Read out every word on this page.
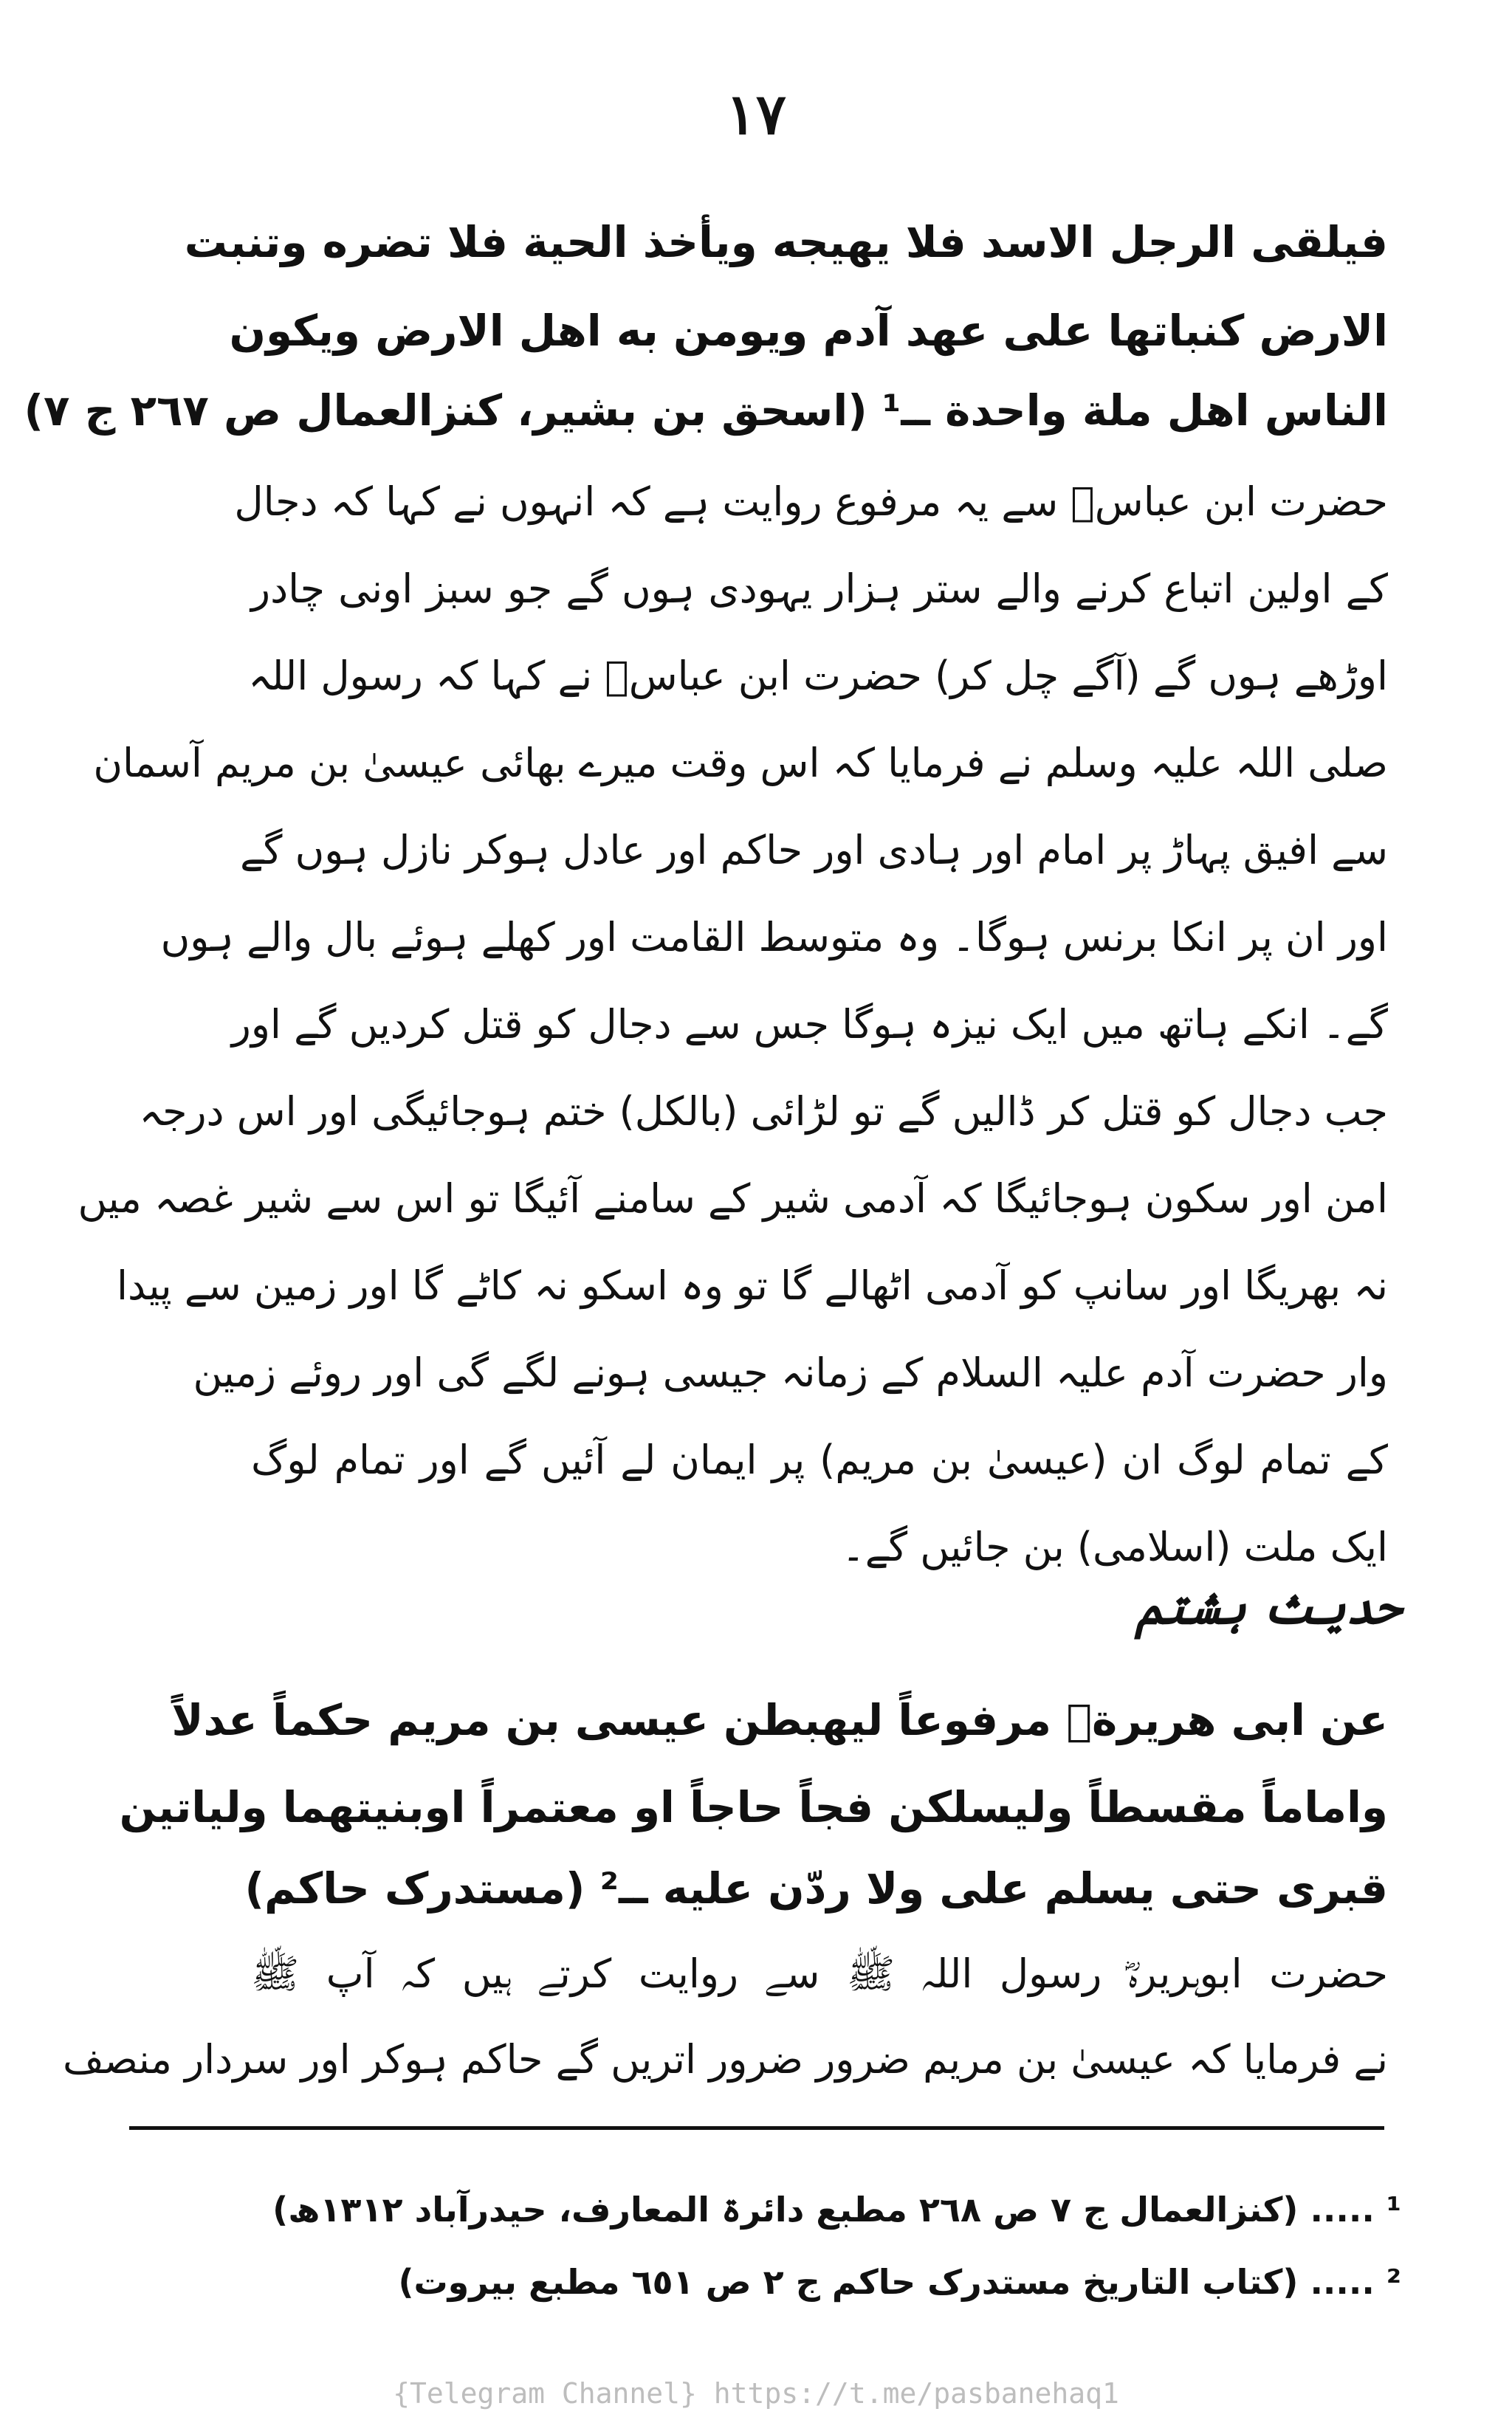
١٧
فيلقى الرجل الاسد فلا يهيجه ويأخذ الحية فلا تضره وتنبت
الارض كنباتها على عهد آدم ويومن به اهل الارض ويكون
الناس اهل ملة واحدة ــ¹ (اسحق بن بشیر، کنزالعمال ص ٢٦٧ ج ٧)
حضرت ابن عباسؓ سے یہ مرفوع روایت ہے کہ انہوں نے کہا کہ دجال
کے اولین اتباع کرنے والے ستر ہزار یہودی ہوں گے جو سبز اونی چادر
اوڑھے ہوں گے (آگے چل کر) حضرت ابن عباسؓ نے کہا کہ رسول اللہ
صلی اللہ علیہ وسلم نے فرمایا کہ اس وقت میرے بھائی عیسیٰ بن مریم آسمان
سے افیق پہاڑ پر امام اور ہادی اور حاکم اور عادل ہوکر نازل ہوں گے
اور ان پر انکا برنس ہوگا۔ وہ متوسط القامت اور کھلے ہوئے بال والے ہوں
گے۔ انکے ہاتھ میں ایک نیزہ ہوگا جس سے دجال کو قتل کردیں گے اور
جب دجال کو قتل کر ڈالیں گے تو لڑائی (بالکل) ختم ہوجائیگی اور اس درجہ
امن اور سکون ہوجائیگا کہ آدمی شیر کے سامنے آئیگا تو اس سے شیر غصہ میں
نہ بھریگا اور سانپ کو آدمی اٹھالے گا تو وہ اسکو نہ کاٹے گا اور زمین سے پیدا
وار حضرت آدم علیہ السلام کے زمانہ جیسی ہونے لگے گی اور روئے زمین
کے تمام لوگ ان (عیسیٰ بن مریم) پر ایمان لے آئیں گے اور تمام لوگ
ایک ملت (اسلامی) بن جائیں گے۔
حدیث ہشتم
عن ابی هريرةؓ مرفوعاً ليهبطن عيسى بن مريم حكماً عدلاً
واماماً مقسطاً وليسلكن فجاً حاجاً او معتمراً اوبنيتهما ولياتين
قبرى حتى يسلم على ولا ردّن عليه ــ² (مستدرک حاکم)
حضرت ابوہریرہؓ رسول اللہ ﷺ سے روایت کرتے ہیں کہ آپ ﷺ
نے فرمایا کہ عیسیٰ بن مریم ضرور ضرور اتریں گے حاکم ہوکر اور سردار منصف
¹ ..... (کنزالعمال ج ٧ ص ٢٦٨ مطبع دائرۃ المعارف، حیدرآباد ١٣١٢ھ)
² ..... (کتاب التاریخ مستدرک حاکم ج ٢ ص ٦٥١ مطبع بیروت)
{Telegram Channel} https://t.me/pasbanehaq1
